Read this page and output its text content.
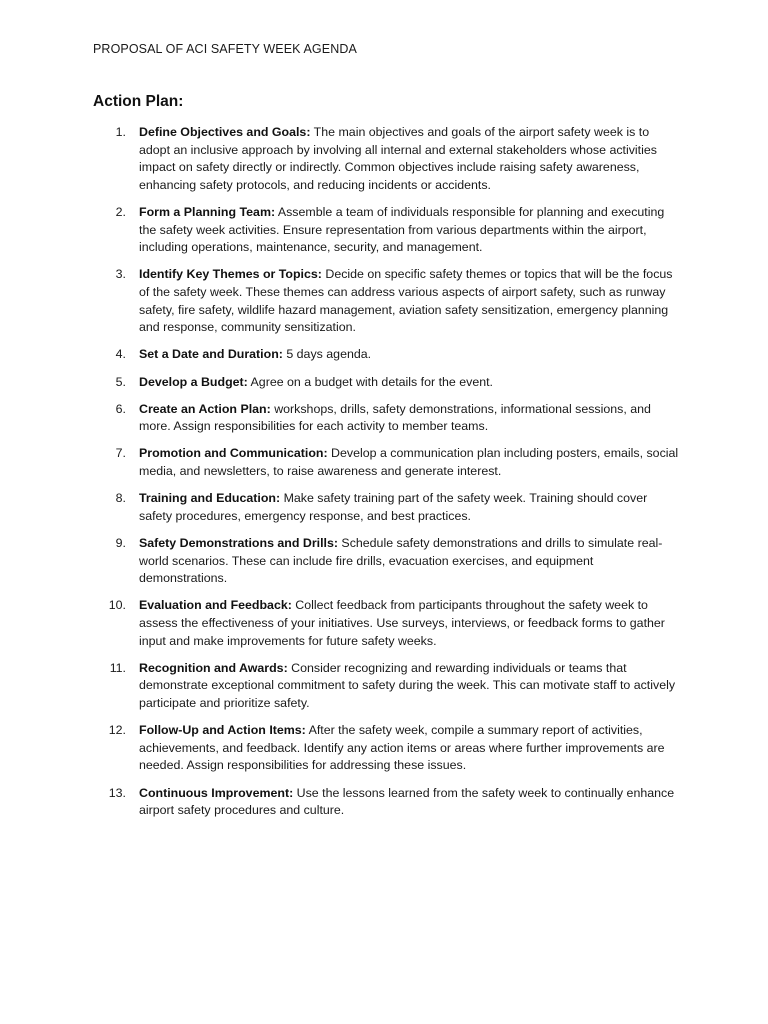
PROPOSAL OF ACI SAFETY WEEK AGENDA
Action Plan:
1. Define Objectives and Goals: The main objectives and goals of the airport safety week is to adopt an inclusive approach by involving all internal and external stakeholders whose activities impact on safety directly or indirectly. Common objectives include raising safety awareness, enhancing safety protocols, and reducing incidents or accidents.
2. Form a Planning Team: Assemble a team of individuals responsible for planning and executing the safety week activities. Ensure representation from various departments within the airport, including operations, maintenance, security, and management.
3. Identify Key Themes or Topics: Decide on specific safety themes or topics that will be the focus of the safety week. These themes can address various aspects of airport safety, such as runway safety, fire safety, wildlife hazard management, aviation safety sensitization, emergency planning and response, community sensitization.
4. Set a Date and Duration: 5 days agenda.
5. Develop a Budget: Agree on a budget with details for the event.
6. Create an Action Plan: workshops, drills, safety demonstrations, informational sessions, and more. Assign responsibilities for each activity to member teams.
7. Promotion and Communication: Develop a communication plan including posters, emails, social media, and newsletters, to raise awareness and generate interest.
8. Training and Education: Make safety training part of the safety week. Training should cover safety procedures, emergency response, and best practices.
9. Safety Demonstrations and Drills: Schedule safety demonstrations and drills to simulate real-world scenarios. These can include fire drills, evacuation exercises, and equipment demonstrations.
10. Evaluation and Feedback: Collect feedback from participants throughout the safety week to assess the effectiveness of your initiatives. Use surveys, interviews, or feedback forms to gather input and make improvements for future safety weeks.
11. Recognition and Awards: Consider recognizing and rewarding individuals or teams that demonstrate exceptional commitment to safety during the week. This can motivate staff to actively participate and prioritize safety.
12. Follow-Up and Action Items: After the safety week, compile a summary report of activities, achievements, and feedback. Identify any action items or areas where further improvements are needed. Assign responsibilities for addressing these issues.
13. Continuous Improvement: Use the lessons learned from the safety week to continually enhance airport safety procedures and culture.
